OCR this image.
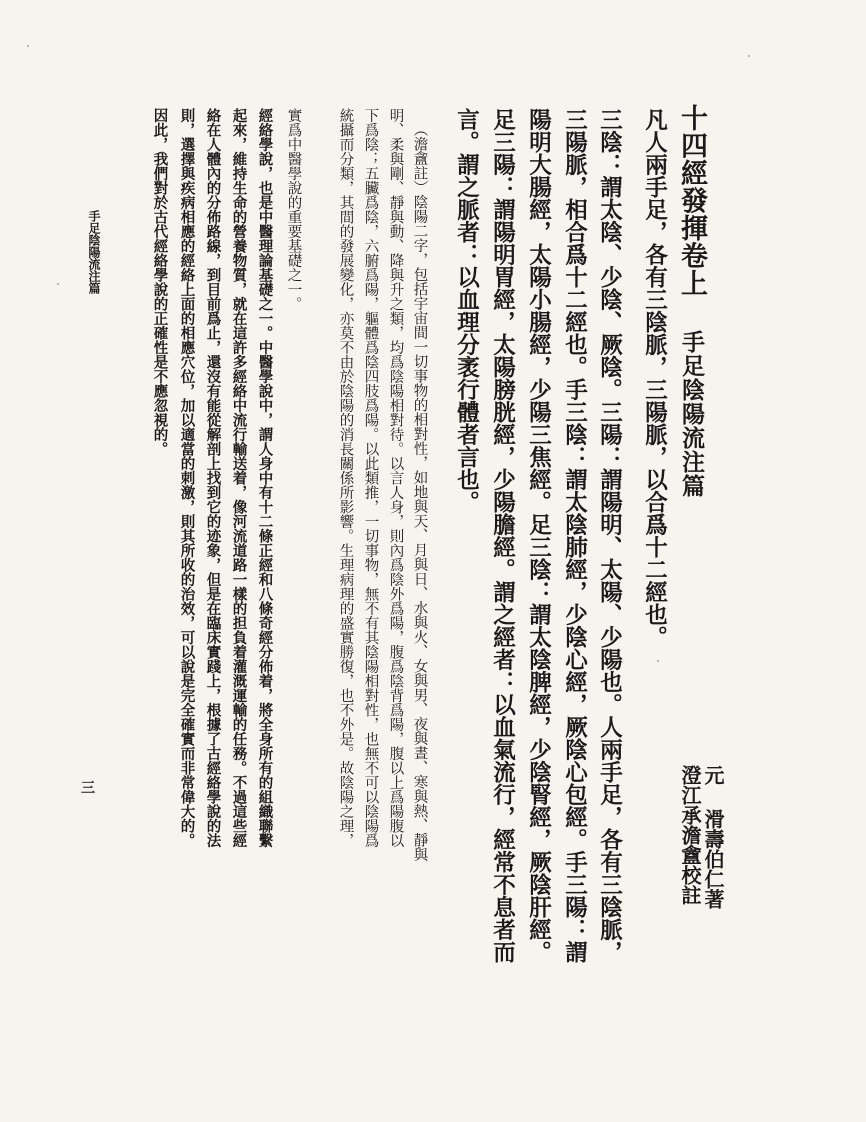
十四經發揮卷上
手足陰陽流注篇
元 滑壽伯仁著
澄江承澹盦校註

凡人兩手足，各有三陰脈，三陽脈，以合爲十二經也。

三陰：謂太陰、少陰、厥陰。三陽：謂陽明、太陽、少陽也。人兩手足，各有三陰脈，

三陽脈，相合爲十二經也。手三陰：謂太陰肺經，少陰心經，厥陰心包經。手三陽：謂

陽明大腸經，太陽小腸經，少陽三焦經。足三陰：謂太陰脾經，少陰腎經，厥陰肝經。

足三陽：謂陽明胃經，太陽膀胱經，少陽膽經。謂之經者：以血氣流行，經常不息者而

言。謂之脈者：以血理分袤行體者言也。

（澹盦註）陰陽二字，包括宇宙間一切事物的相對性，如地與天、月與日、水與火、女與男、夜與晝、寒與熱、靜與

明、柔與剛、靜與動、降與升之類，均爲陰陽相對待。以言人身，則內爲陰外爲陽，腹爲陰背爲陽，腹以上爲陽腹以

下爲陰；五臟爲陰，六腑爲陽，軀體爲陰四肢爲陽。以此類推，一切事物，無不有其陰陽相對性，也無不可以陰陽爲

統攝而分類，其間的發展變化，亦莫不由於陰陽的消長關係所影響。生理病理的盛實勝復，也不外是。故陰陽之理，

實爲中醫學說的重要基礎之一。

經絡學說，也是中醫理論基礎之一。中醫學說中，謂人身中有十二條正經和八條奇經分佈着，將全身所有的組織聯繫

起來，維持生命的營養物質，就在這許多經絡中流行輸送着，像河流道路一樣的担負着灌溉運輸的任務。不過這些經

絡在人體內的分佈路線，到目前爲止，還沒有能從解剖上找到它的迹象，但是在臨床實踐上，根據了古經絡學說的法

則，選擇與疾病相應的經絡上面的相應穴位，加以適當的刺激，則其所收的治效，可以說是完全確實而非常偉大的。

因此，我們對於古代經絡學說的正確性是不應忽視的。

手足陰陽流注篇
三
